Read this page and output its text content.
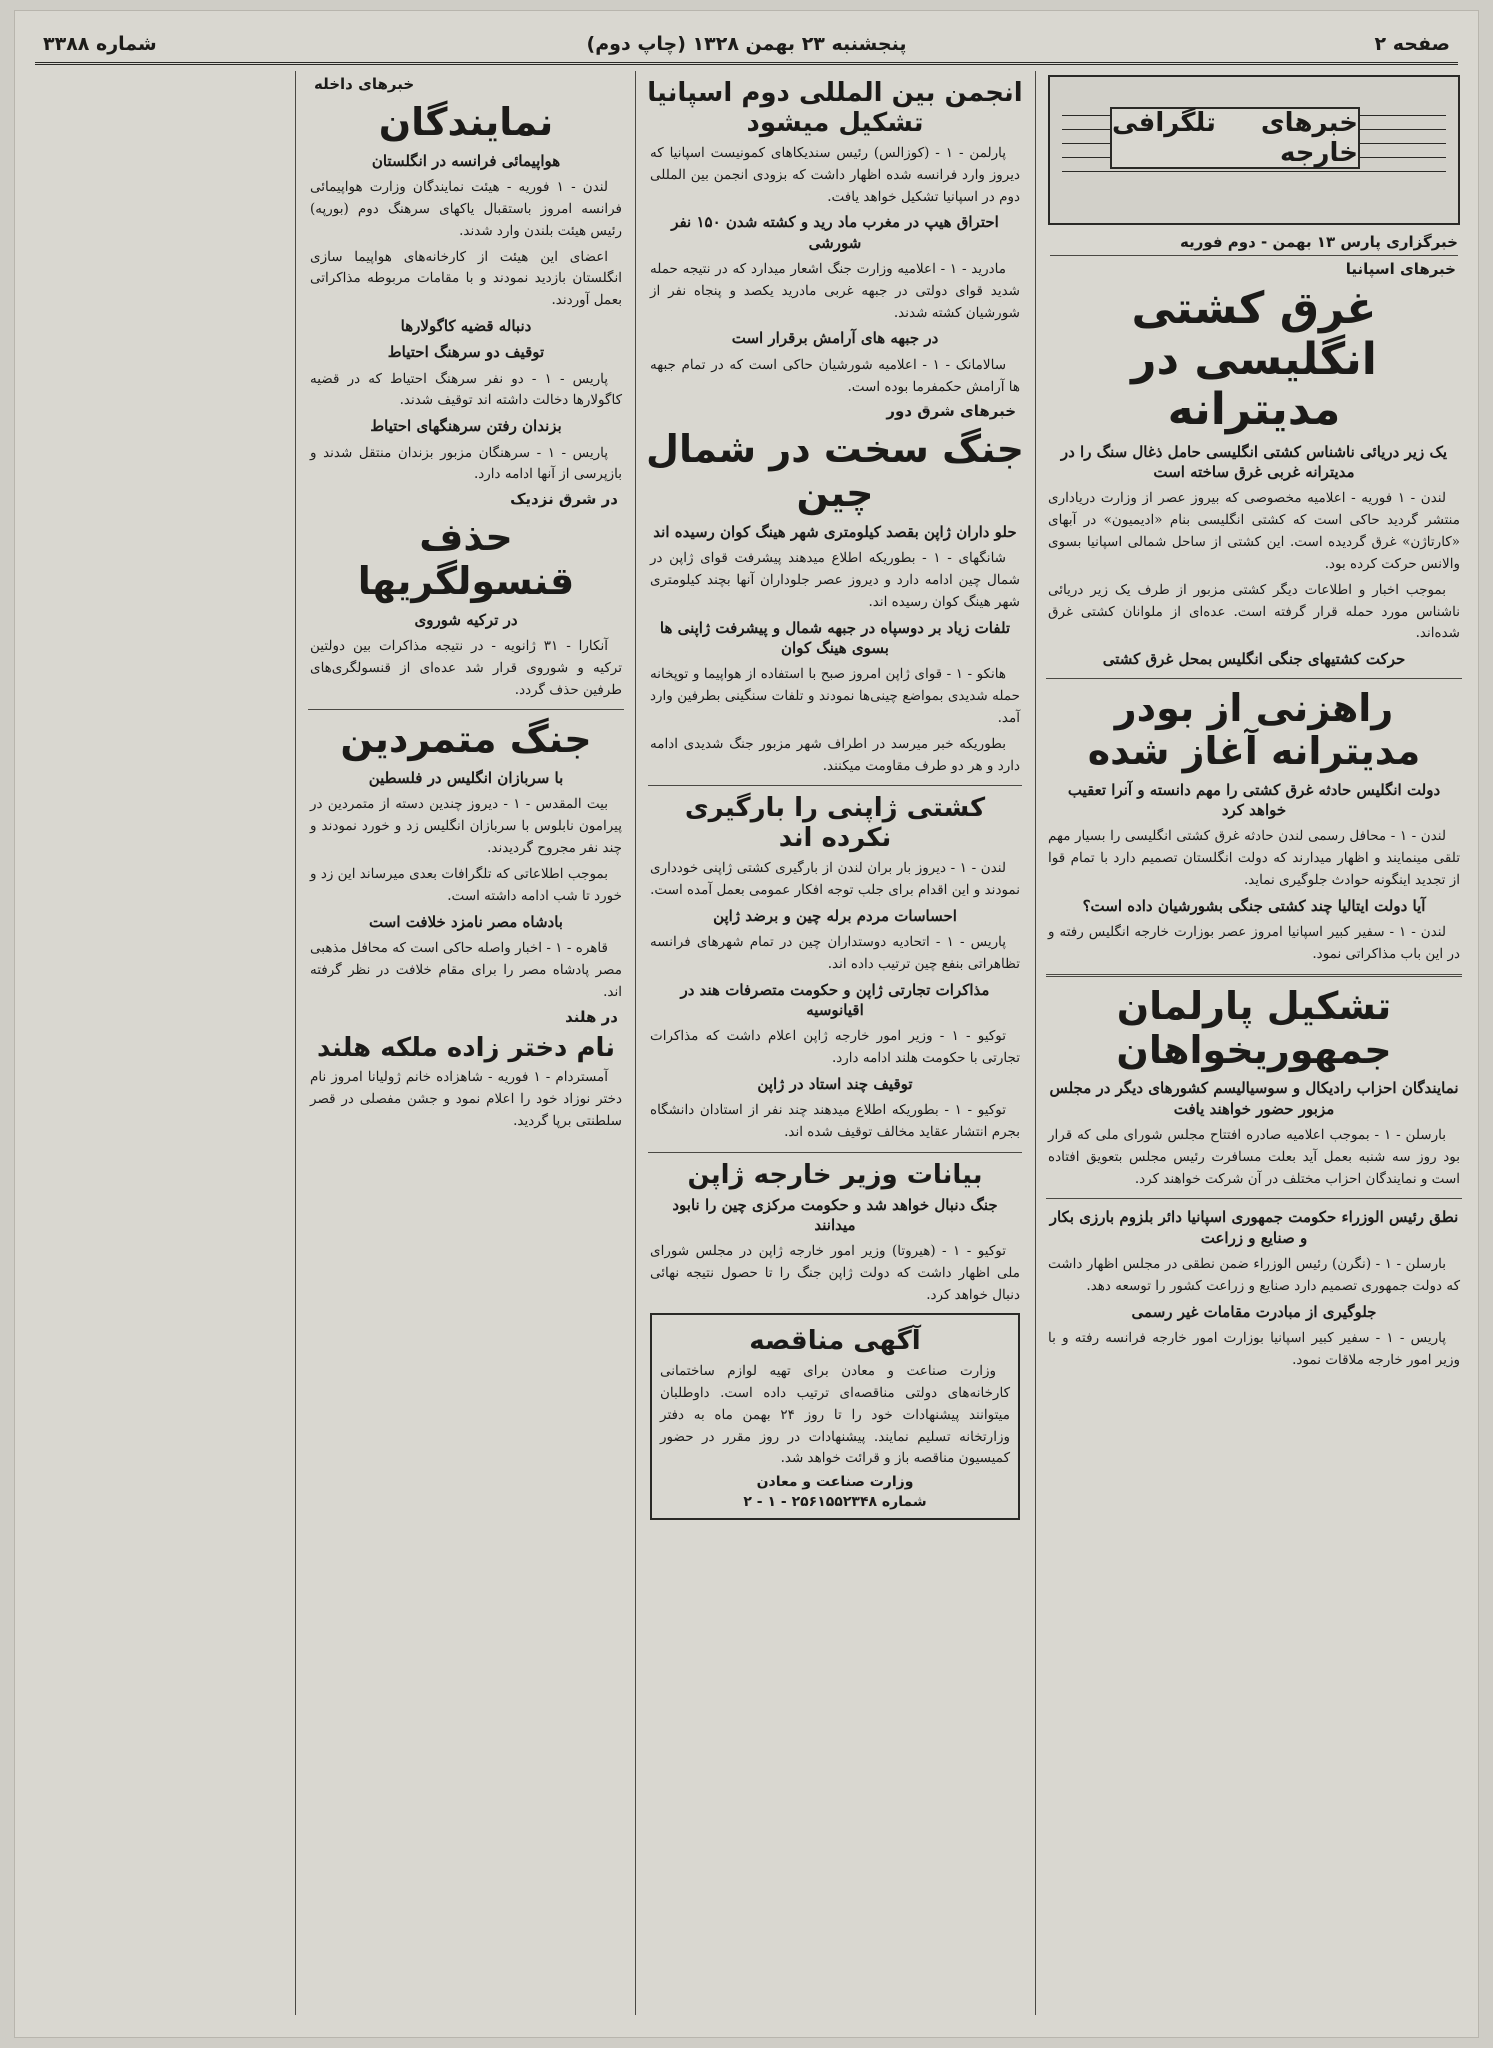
صفحه ۲
پنجشنبه ۲۳ بهمن ۱۳۲۸ (چاپ دوم)
شماره ۳۳۸۸
خبرهای تلگرافی خارجه
خبرگزاری پارس ۱۳ بهمن - دوم فوریه
خبرهای اسپانیا
غرق کشتی انگلیسی در مدیترانه
یک زیر دریائی ناشناس کشتی انگلیسی حامل ذغال سنگ را در مدیترانه غربی غرق ساخته است

لندن - ۱ فوریه - اعلامیه مخصوصی که بیروز عصر از وزارت دریاداری منتشر گردید حاکی است که کشتی انگلیسی بنام «ادیمیون» در آبهای «کارتاژن» غرق گردیده است. این کشتی از ساحل شمالی اسپانیا بسوی والانس حرکت کرده بود.

بموجب اخبار و اطلاعات دیگر کشتی مزبور از طرف یک زیر دریائی ناشناس مورد حمله قرار گرفته است. عده‌ای از ملوانان کشتی غرق شده‌اند.

حرکت کشتیهای جنگی انگلیس بمحل غرق کشتی
راهزنی از بودر مدیترانه آغاز شده
دولت انگلیس حادثه غرق کشتی را مهم دانسته و آنرا تعقیب خواهد کرد

لندن - ۱ - محافل رسمی لندن حادثه غرق کشتی انگلیسی را بسیار مهم تلقی مینمایند و اظهار میدارند که دولت انگلستان تصمیم دارد با تمام قوا از تجدید اینگونه حوادث جلوگیری نماید.

آیا دولت ایتالیا چند کشتی جنگی بشورشیان داده است؟

لندن - ۱ - سفیر کبیر اسپانیا امروز عصر بوزارت خارجه انگلیس رفته و در این باب مذاکراتی نمود.

تشکیل پارلمان جمهوریخواهان
نمایندگان احزاب رادیکال و سوسیالیسم کشورهای دیگر در مجلس مزبور حضور خواهند یافت

بارسلن - ۱ - بموجب اعلامیه صادره افتتاح مجلس شورای ملی که قرار بود روز سه شنبه بعمل آید بعلت مسافرت رئیس مجلس بتعویق افتاده است و نمایندگان احزاب مختلف در آن شرکت خواهند کرد.

نطق رئیس الوزراء حکومت جمهوری اسپانیا دائر بلزوم بارزی بکار و صنایع و زراعت

بارسلن - ۱ - (نگرن) رئیس الوزراء ضمن نطقی در مجلس اظهار داشت که دولت جمهوری تصمیم دارد صنایع و زراعت کشور را توسعه دهد.

جلوگیری از مبادرت مقامات غیر رسمی

پاریس - ۱ - سفیر کبیر اسپانیا بوزارت امور خارجه فرانسه رفته و با وزیر امور خارجه ملاقات نمود.

انجمن بین المللی دوم اسپانیا تشکیل میشود

پارلمن - ۱ - (کوزالس) رئیس سندیکاهای کمونیست اسپانیا که دیروز وارد فرانسه شده اظهار داشت که بزودی انجمن بین المللی دوم در اسپانیا تشکیل خواهد یافت.

احتراق هیپ در مغرب ماد رید و کشته شدن ۱۵۰ نفر شورشی

مادرید - ۱ - اعلامیه وزارت جنگ اشعار میدارد که در نتیجه حمله شدید قوای دولتی در جبهه غربی مادرید یکصد و پنجاه نفر از شورشیان کشته شدند.

در جبهه های آرامش برقرار است

سالامانک - ۱ - اعلامیه شورشیان حاکی است که در تمام جبهه ها آرامش حکمفرما بوده است.

خبرهای شرق دور
جنگ سخت در شمال چین
حلو داران ژاپن بقصد کیلومتری شهر هینگ کوان رسیده اند

شانگهای - ۱ - بطوریکه اطلاع میدهند پیشرفت قوای ژاپن در شمال چین ادامه دارد و دیروز عصر جلوداران آنها بچند کیلومتری شهر هینگ کوان رسیده اند.

تلفات زیاد بر دوسپاه در جبهه شمال و پیشرفت ژاپنی ها بسوی هینگ کوان

هانکو - ۱ - قوای ژاپن امروز صبح با استفاده از هواپیما و توپخانه حمله شدیدی بمواضع چینی‌ها نمودند و تلفات سنگینی بطرفین وارد آمد.

بطوریکه خبر میرسد در اطراف شهر مزبور جنگ شدیدی ادامه دارد و هر دو طرف مقاومت میکنند.

کشتی ژاپنی را بارگیری نکرده اند

لندن - ۱ - دیروز بار بران لندن از بارگیری کشتی ژاپنی خودداری نمودند و این اقدام برای جلب توجه افکار عمومی بعمل آمده است.

احساسات مردم برله چین و برضد ژاپن

پاریس - ۱ - اتحادیه دوستداران چین در تمام شهرهای فرانسه تظاهراتی بنفع چین ترتیب داده اند.

مذاکرات تجارتی ژاپن و حکومت متصرفات هند در اقیانوسیه

توکیو - ۱ - وزیر امور خارجه ژاپن اعلام داشت که مذاکرات تجارتی با حکومت هلند ادامه دارد.

توقیف چند استاد در ژاپن

توکیو - ۱ - بطوریکه اطلاع میدهند چند نفر از استادان دانشگاه بجرم انتشار عقاید مخالف توقیف شده اند.

بیانات وزیر خارجه ژاپن
جنگ دنبال خواهد شد و حکومت مرکزی چین را نابود میدانند

توکیو - ۱ - (هیروتا) وزیر امور خارجه ژاپن در مجلس شورای ملی اظهار داشت که دولت ژاپن جنگ را تا حصول نتیجه نهائی دنبال خواهد کرد.

آگهی مناقصه

وزارت صناعت و معادن برای تهیه لوازم ساختمانی کارخانه‌های دولتی مناقصه‌ای ترتیب داده است. داوطلبان میتوانند پیشنهادات خود را تا روز ۲۴ بهمن ماه به دفتر وزارتخانه تسلیم نمایند. پیشنهادات در روز مقرر در حضور کمیسیون مناقصه باز و قرائت خواهد شد.

وزارت صناعت و معادن
شماره ۲۵۶۱۵۵۲۳۴۸ - ۱ - ۲
خبرهای داخله
نمایندگان
هواپیمائی فرانسه در انگلستان

لندن - ۱ فوریه - هیئت نمایندگان وزارت هواپیمائی فرانسه امروز باستقبال یاکهای سرهنگ دوم (بورپه) رئیس هیئت بلندن وارد شدند.

اعضای این هیئت از کارخانه‌های هواپیما سازی انگلستان بازدید نمودند و با مقامات مربوطه مذاکراتی بعمل آوردند.

دنباله قضیه کاگولارها
توقیف دو سرهنگ احتیاط

پاریس - ۱ - دو نفر سرهنگ احتیاط که در قضیه کاگولارها دخالت داشته اند توقیف شدند.

بزندان رفتن سرهنگهای احتیاط

پاریس - ۱ - سرهنگان مزبور بزندان منتقل شدند و بازپرسی از آنها ادامه دارد.

در شرق نزدیک
حذف قنسولگریها
در ترکیه شوروی

آنکارا - ۳۱ ژانویه - در نتیجه مذاکرات بین دولتین ترکیه و شوروی قرار شد عده‌ای از قنسولگری‌های طرفین حذف گردد.

جنگ متمردین
با سربازان انگلیس در فلسطین

بیت المقدس - ۱ - دیروز چندین دسته از متمردین در پیرامون نابلوس با سربازان انگلیس زد و خورد نمودند و چند نفر مجروح گردیدند.

بموجب اطلاعاتی که تلگرافات بعدی میرساند این زد و خورد تا شب ادامه داشته است.

بادشاه مصر نامزد خلافت است

قاهره - ۱ - اخبار واصله حاکی است که محافل مذهبی مصر پادشاه مصر را برای مقام خلافت در نظر گرفته اند.

در هلند
نام دختر زاده ملکه هلند

آمستردام - ۱ فوریه - شاهزاده خانم ژولیانا امروز نام دختر نوزاد خود را اعلام نمود و جشن مفصلی در قصر سلطنتی برپا گردید.
